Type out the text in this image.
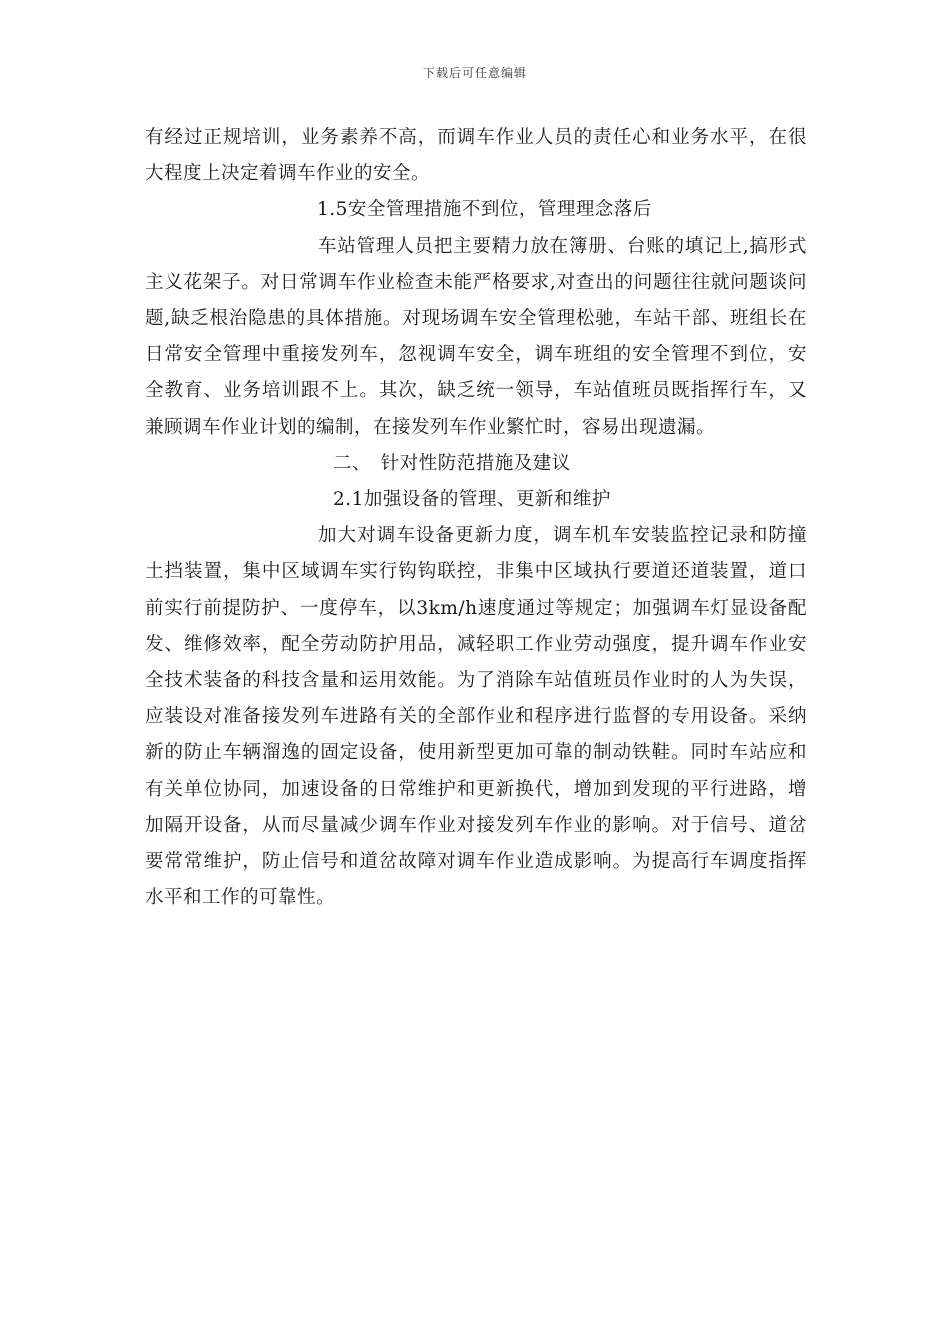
下载后可任意编辑

有经过正规培训，业务素养不高，而调车作业人员的责任心和业务水平，在很大程度上决定着调车作业的安全。

1.5安全管理措施不到位，管理理念落后

车站管理人员把主要精力放在簿册、台账的填记上,搞形式主义花架子。对日常调车作业检查未能严格要求,对查出的问题往往就问题谈问题,缺乏根治隐患的具体措施。对现场调车安全管理松驰，车站干部、班组长在日常安全管理中重接发列车，忽视调车安全，调车班组的安全管理不到位，安全教育、业务培训跟不上。其次，缺乏统一领导，车站值班员既指挥行车，又兼顾调车作业计划的编制，在接发列车作业繁忙时，容易出现遗漏。

二、　针对性防范措施及建议

2.1加强设备的管理、更新和维护

加大对调车设备更新力度，调车机车安装监控记录和防撞土挡装置，集中区域调车实行钩钩联控，非集中区域执行要道还道装置，道口前实行前提防护、一度停车，以3km/h速度通过等规定；加强调车灯显设备配发、维修效率，配全劳动防护用品，减轻职工作业劳动强度，提升调车作业安全技术装备的科技含量和运用效能。为了消除车站值班员作业时的人为失误，应装设对准备接发列车进路有关的全部作业和程序进行监督的专用设备。采纳新的防止车辆溜逸的固定设备，使用新型更加可靠的制动铁鞋。同时车站应和有关单位协同，加速设备的日常维护和更新换代，增加到发现的平行进路，增加隔开设备，从而尽量减少调车作业对接发列车作业的影响。对于信号、道岔要常常维护，防止信号和道岔故障对调车作业造成影响。为提高行车调度指挥水平和工作的可靠性。
